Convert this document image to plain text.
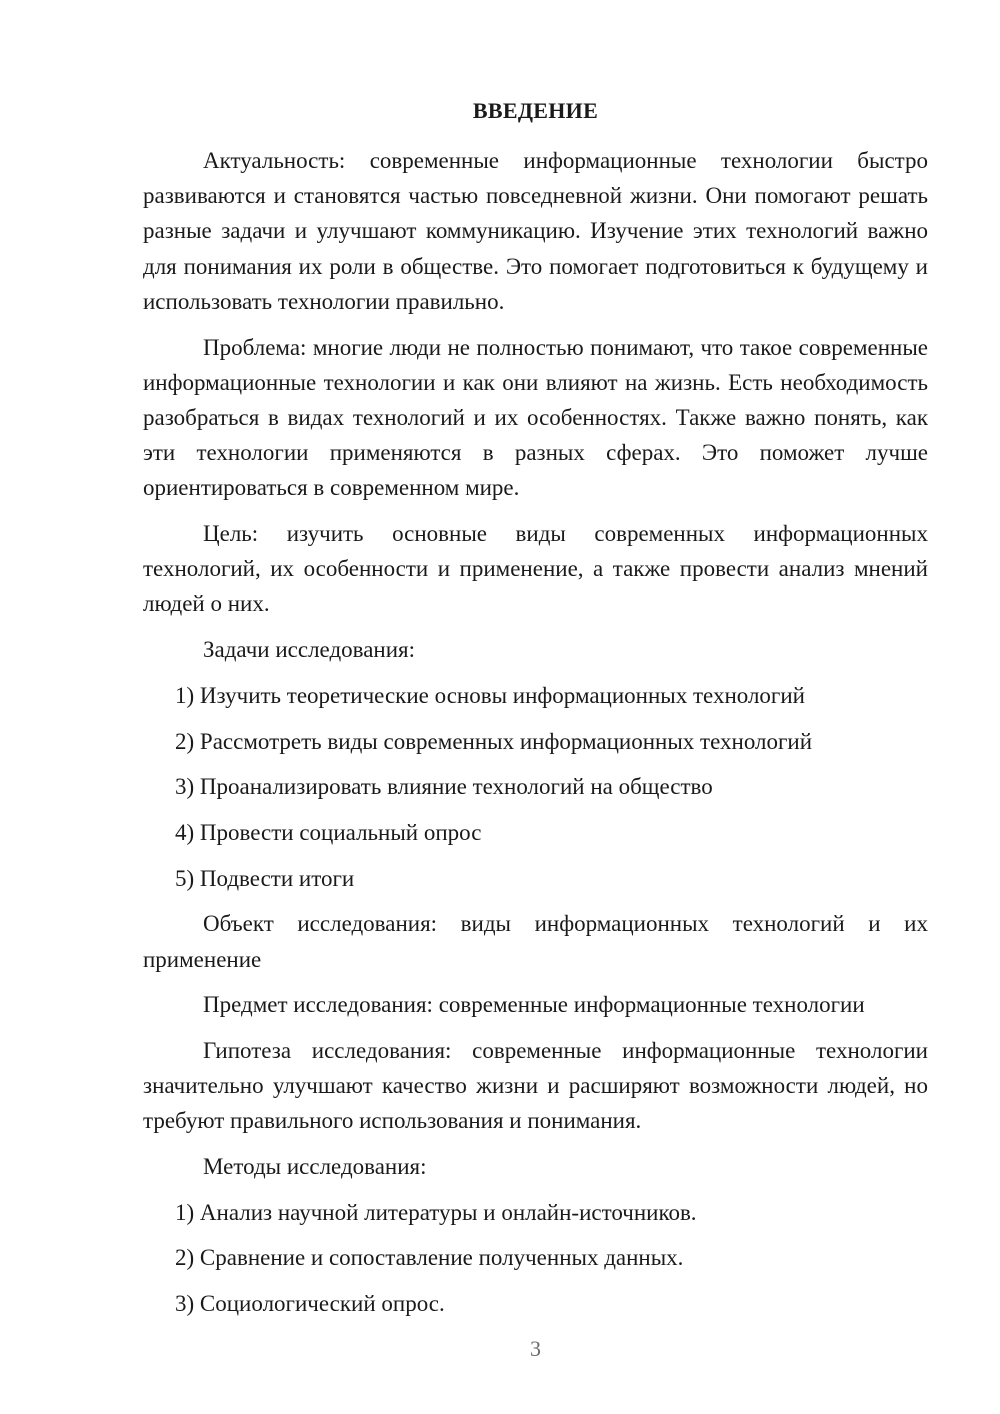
ВВЕДЕНИЕ

Актуальность: современные информационные технологии быстро развиваются и становятся частью повседневной жизни. Они помогают решать разные задачи и улучшают коммуникацию. Изучение этих технологий важно для понимания их роли в обществе. Это помогает подготовиться к будущему и использовать технологии правильно.

Проблема: многие люди не полностью понимают, что такое современные информационные технологии и как они влияют на жизнь. Есть необходимость разобраться в видах технологий и их особенностях. Также важно понять, как эти технологии применяются в разных сферах. Это поможет лучше ориентироваться в современном мире.

Цель: изучить основные виды современных информационных технологий, их особенности и применение, а также провести анализ мнений людей о них.

Задачи исследования:

1) Изучить теоретические основы информационных технологий

2) Рассмотреть виды современных информационных технологий

3) Проанализировать влияние технологий на общество

4) Провести социальный опрос

5) Подвести итоги

Объект исследования: виды информационных технологий и их применение

Предмет исследования: современные информационные технологии

Гипотеза исследования: современные информационные технологии значительно улучшают качество жизни и расширяют возможности людей, но требуют правильного использования и понимания.

Методы исследования:

1) Анализ научной литературы и онлайн-источников.

2) Сравнение и сопоставление полученных данных.

3) Социологический опрос.

3
